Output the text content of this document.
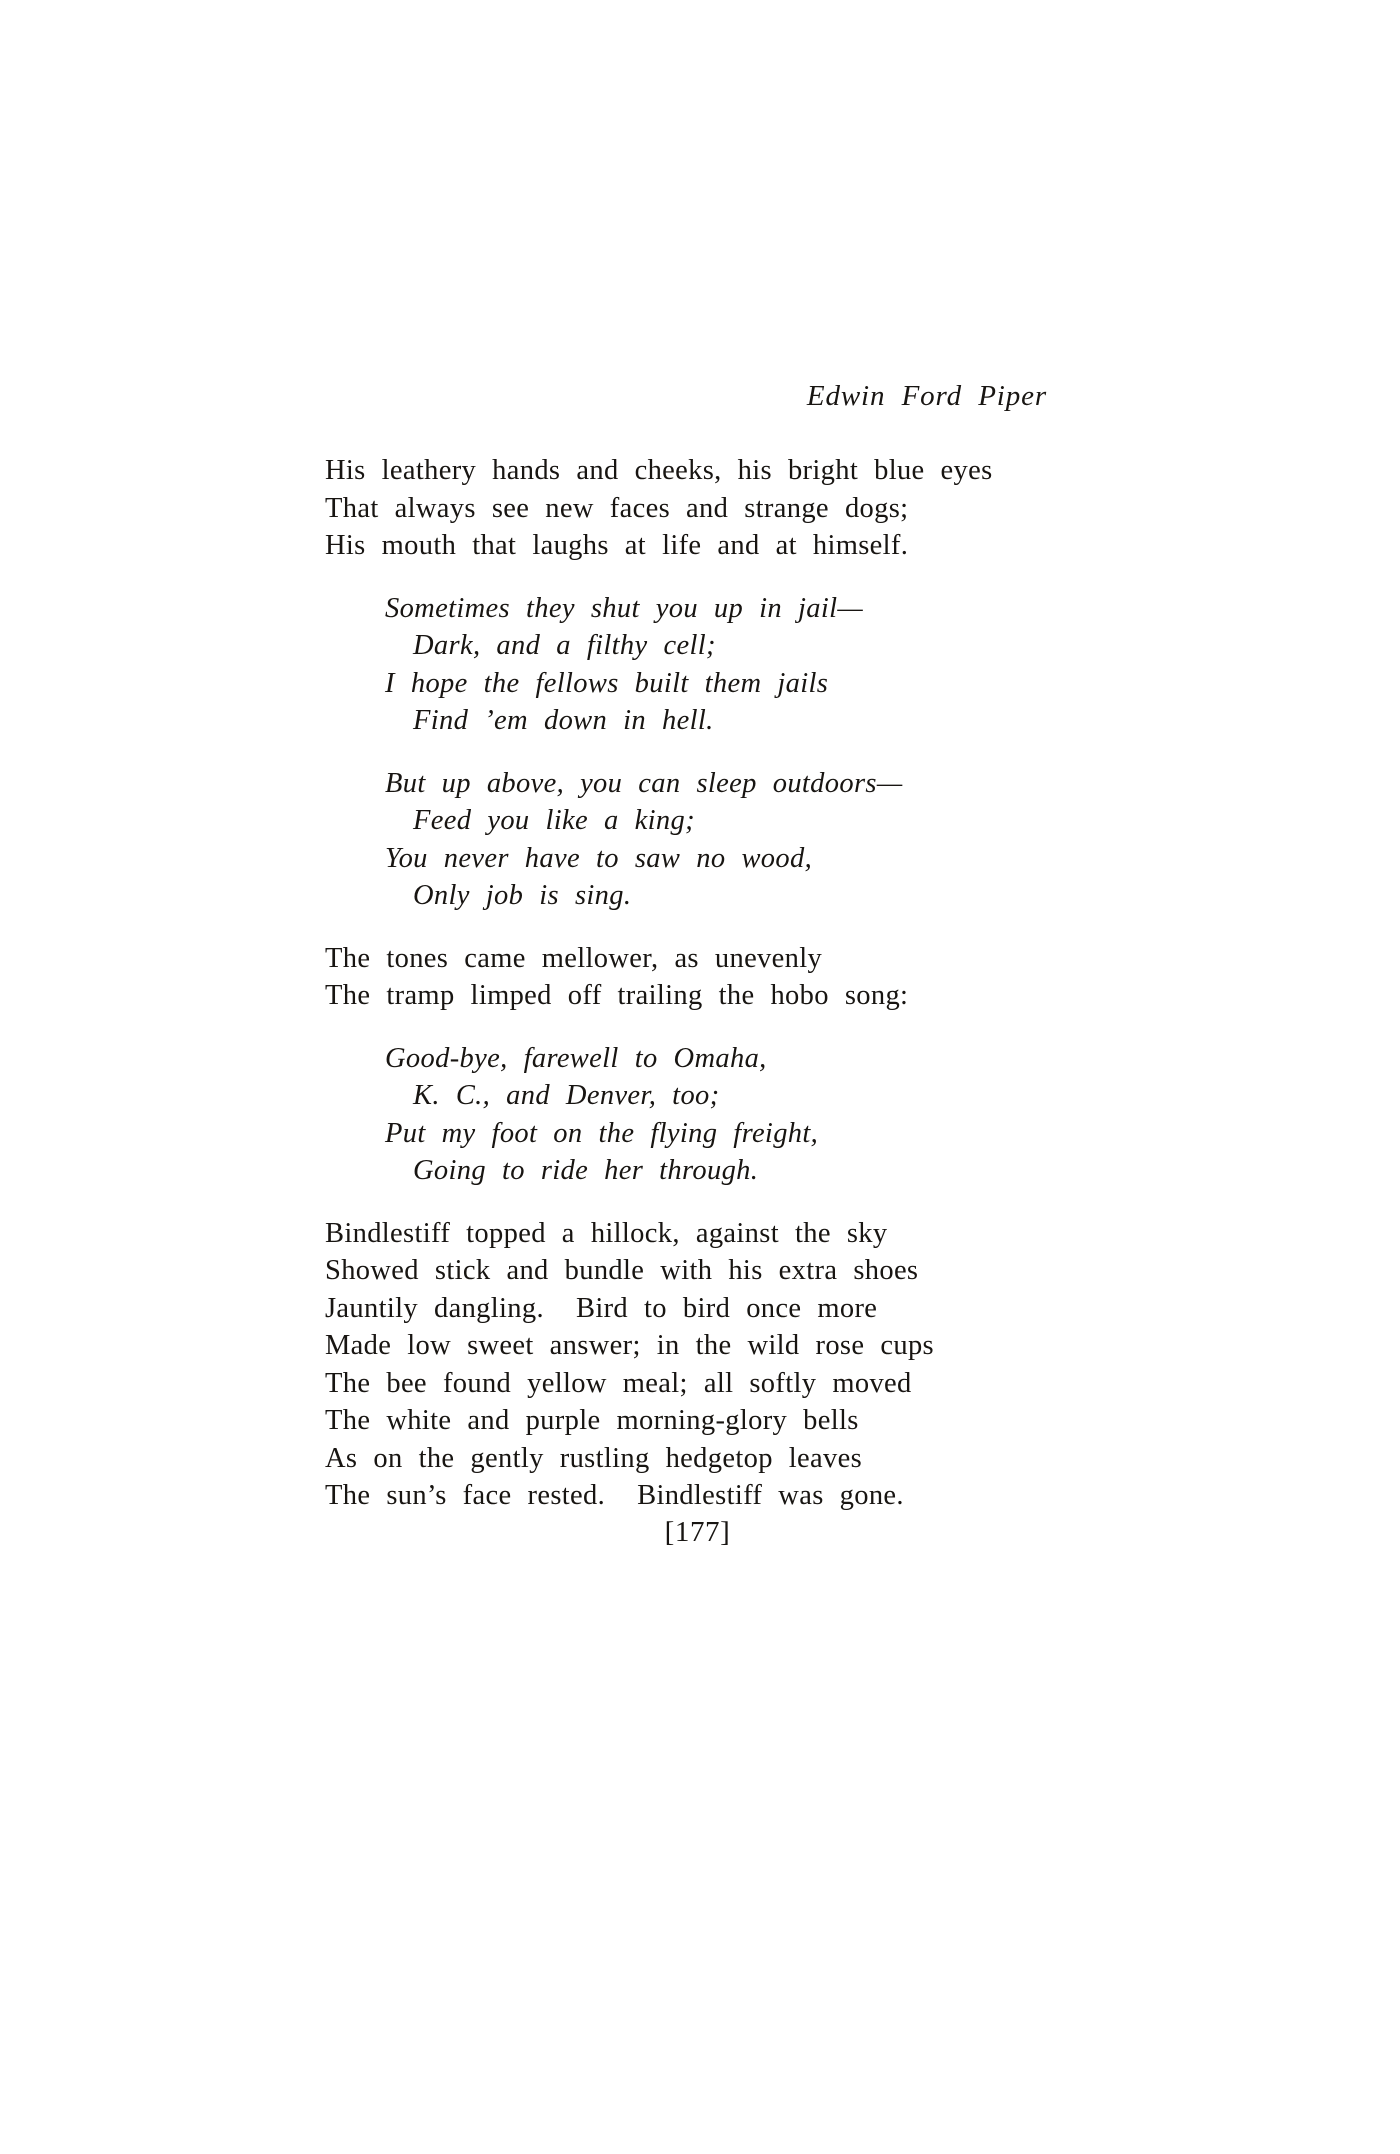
Edwin Ford Piper
His leathery hands and cheeks, his bright blue eyes
That always see new faces and strange dogs;
His mouth that laughs at life and at himself.
Sometimes they shut you up in jail—
Dark, and a filthy cell;
I hope the fellows built them jails
Find ’em down in hell.
But up above, you can sleep outdoors—
Feed you like a king;
You never have to saw no wood,
Only job is sing.
The tones came mellower, as unevenly
The tramp limped off trailing the hobo song:
Good-bye, farewell to Omaha,
K. C., and Denver, too;
Put my foot on the flying freight,
Going to ride her through.
Bindlestiff topped a hillock, against the sky
Showed stick and bundle with his extra shoes
Jauntily dangling.  Bird to bird once more
Made low sweet answer; in the wild rose cups
The bee found yellow meal; all softly moved
The white and purple morning-glory bells
As on the gently rustling hedgetop leaves
The sun’s face rested.  Bindlestiff was gone.
[177]
